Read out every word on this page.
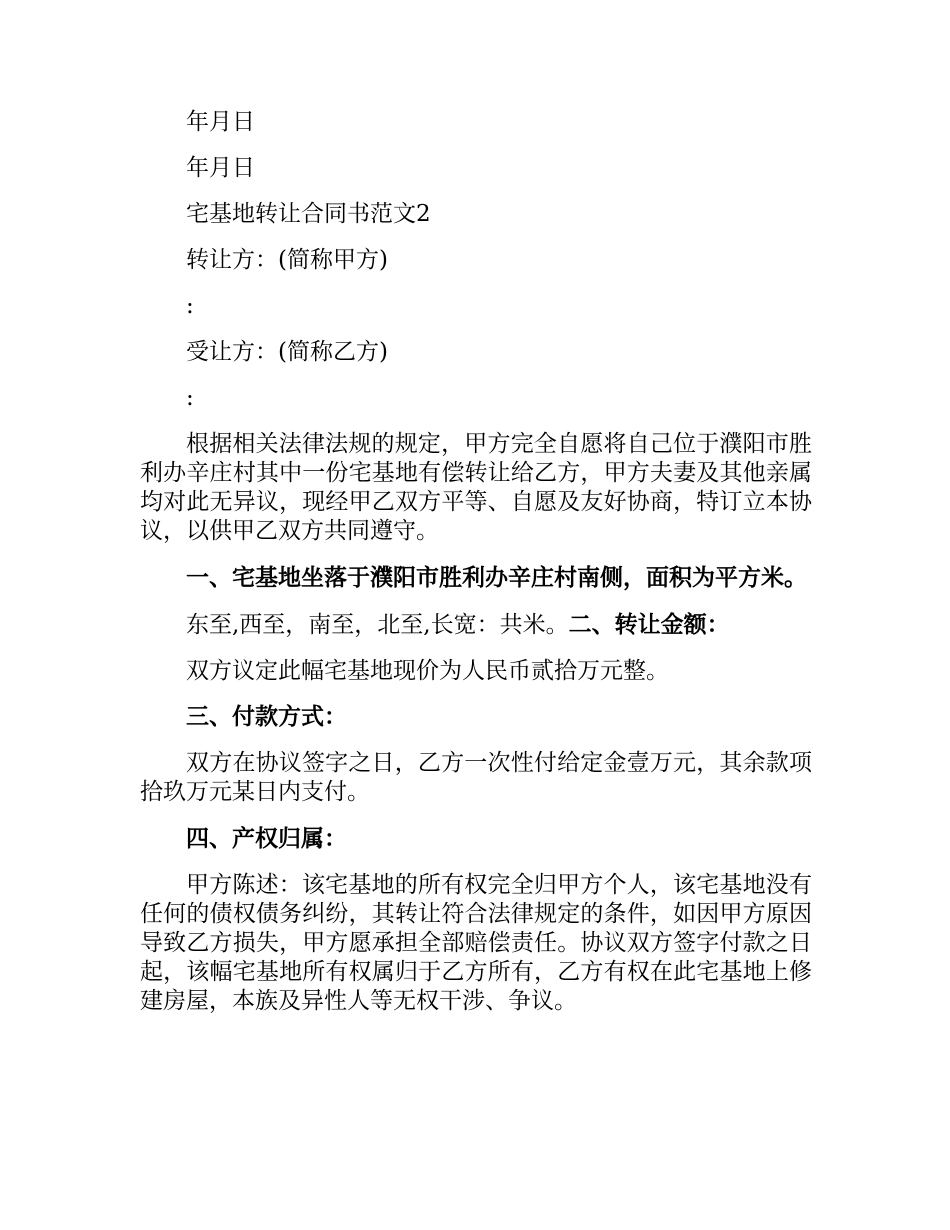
年月日

年月日

宅基地转让合同书范文2

转让方：(简称甲方)

:

受让方：(简称乙方)

:

根据相关法律法规的规定，甲方完全自愿将自己位于濮阳市胜利办辛庄村其中一份宅基地有偿转让给乙方，甲方夫妻及其他亲属均对此无异议，现经甲乙双方平等、自愿及友好协商，特订立本协议，以供甲乙双方共同遵守。

一、宅基地坐落于濮阳市胜利办辛庄村南侧，面积为平方米。

东至,西至，南至，北至,长宽：共米。二、转让金额：

双方议定此幅宅基地现价为人民币贰拾万元整。

三、付款方式：

双方在协议签字之日，乙方一次性付给定金壹万元，其余款项拾玖万元某日内支付。

四、产权归属：

甲方陈述：该宅基地的所有权完全归甲方个人，该宅基地没有任何的债权债务纠纷，其转让符合法律规定的条件，如因甲方原因导致乙方损失，甲方愿承担全部赔偿责任。协议双方签字付款之日起，该幅宅基地所有权属归于乙方所有，乙方有权在此宅基地上修建房屋，本族及异性人等无权干涉、争议。
